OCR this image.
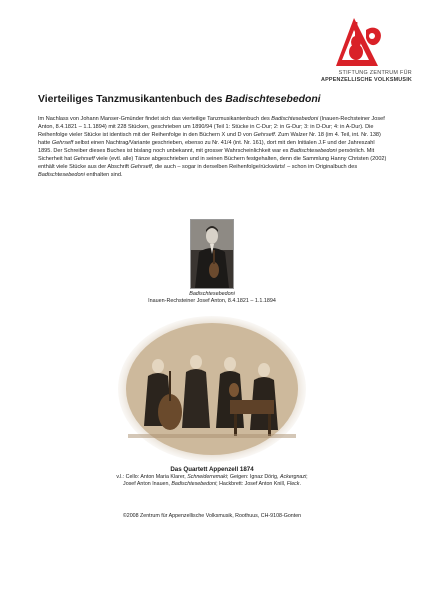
STIFTUNG ZENTRUM FÜR
APPENZELLISCHE VOLKSMUSIK
Vierteiliges Tanzmusikantenbuch des Badischtesebedoni
Im Nachlass von Johann Manser-Gmünder findet sich das vierteilige Tanzmusikantenbuch des Badischtesebedoni (Inauen-Rechsteiner Josef Anton, 8.4.1821 – 1.1.1894) mit 228 Stücken, geschrieben um 1890/94 (Teil 1: Stücke in C-Dur; 2: in G-Dur; 3: in D-Dur; 4: in A-Dur). Die Reihenfolge vieler Stücke ist identisch mit der Reihenfolge in den Büchern X und D von Gehrseff. Zum Walzer Nr. 18 (im 4. Teil, int. Nr. 138) hatte Gehrseff selbst einen Nachtrag/Variante geschrieben, ebenso zu Nr. 41/4 (int. Nr. 161), dort mit den Initialen J.F und der Jahreszahl 1895. Der Schreiber dieses Buches ist bislang noch unbekannt, mit grosser Wahrscheinlichkeit war es Badischtesebedoni persönlich. Mit Sicherheit hat Gehrseff viele (evtl. alle) Tänze abgeschrieben und in seinen Büchern festgehalten, denn die Sammlung Hanny Christen (2002) enthält viele Stücke aus der Abschrift Gehrseff, die auch – sogar in derselben Reihenfolge/rückwärts! – schon im Originalbuch des Badischtesebedoni enthalten sind.
Badischtesebedoni
Inauen-Rechsteiner Josef Anton, 8.4.1821 – 1.1.1894
Das Quartett Appenzell 1874
v.l.: Cello: Anton Maria Klarer, Schneiderremaki; Geigen: Ignaz Dörig, Ackergnazi;
Josef Anton Inauen, Badischtesebedoni; Hackbrett: Josef Anton Knill, Fleck.
©2008 Zentrum für Appenzellische Volksmusik, Roothuus, CH-9108-Gonten
